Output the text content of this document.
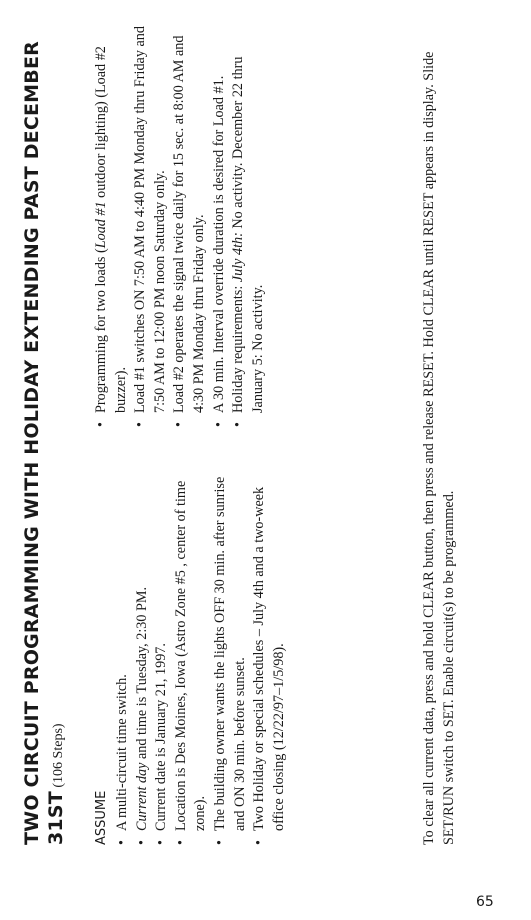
TWO CIRCUIT PROGRAMMING WITH HOLIDAY EXTENDING PAST DECEMBER 31ST (106 Steps)
ASSUME • A multi-circuit time switch. • Current day and time is Tuesday, 2:30 PM. • Current date is January 21, 1997. • Location is Des Moines, Iowa (Astro Zone #5 , center of time zone). • The building owner wants the lights OFF 30 min. after sunrise and ON 30 min. before sunset. • Two Holiday or special schedules – July 4th and a two-week office closing (12/22/97–1/5/98).
• Programming for two loads (Load #1 outdoor lighting) (Load #2 buzzer). • Load #1 switches ON 7:50 AM to 4:40 PM Monday thru Friday and 7:50 AM to 12:00 PM noon Saturday only. • Load #2 operates the signal twice daily for 15 sec. at 8:00 AM and 4:30 PM Monday thru Friday only. • A 30 min. Interval override duration is desired for Load #1. • Holiday requirements: July 4th: No activity. December 22 thru January 5: No activity.	To clear all current data, press and hold CLEAR button, then press and release RESET. Hold CLEAR until RESET appears in display. Slide SET/RUN switch to SET. Enable circuit(s) to be programmed.
65
